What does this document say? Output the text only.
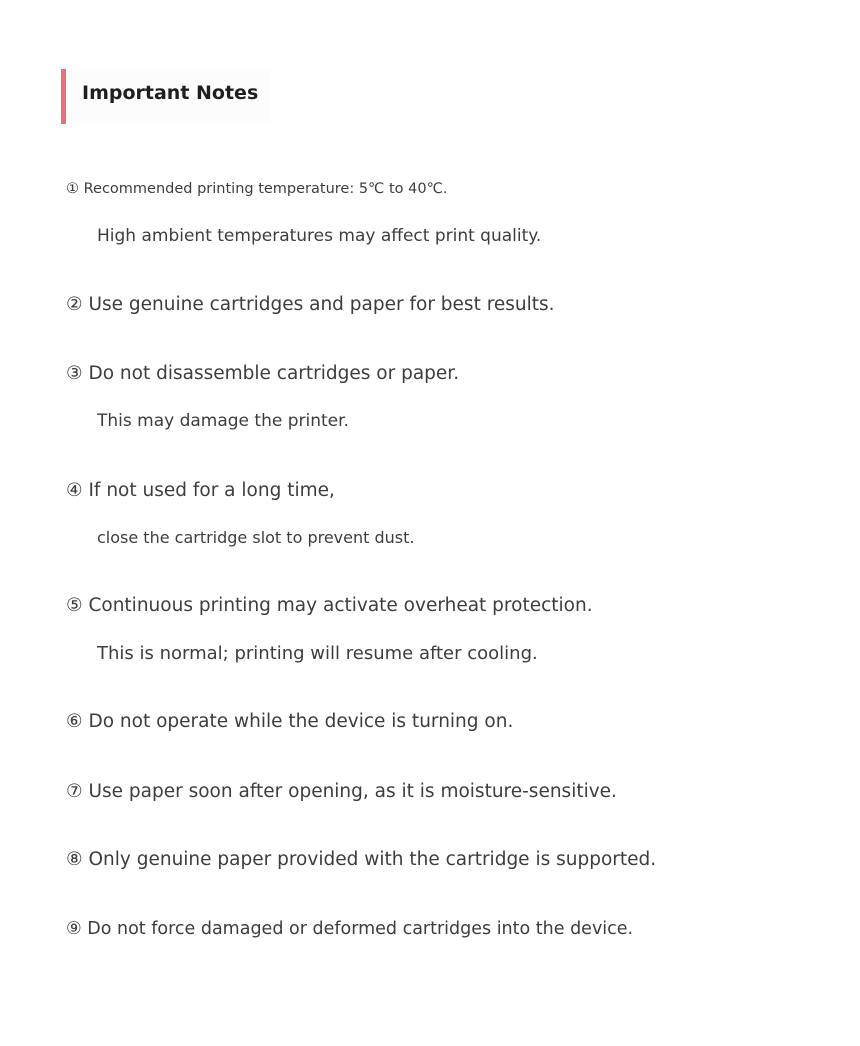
Important Notes
① Recommended printing temperature: 5℃ to 40℃.
High ambient temperatures may affect print quality.
② Use genuine cartridges and paper for best results.
③ Do not disassemble cartridges or paper.
This may damage the printer.
④ If not used for a long time,
close the cartridge slot to prevent dust.
⑤ Continuous printing may activate overheat protection.
This is normal; printing will resume after cooling.
⑥ Do not operate while the device is turning on.
⑦ Use paper soon after opening, as it is moisture-sensitive.
⑧ Only genuine paper provided with the cartridge is supported.
⑨ Do not force damaged or deformed cartridges into the device.
